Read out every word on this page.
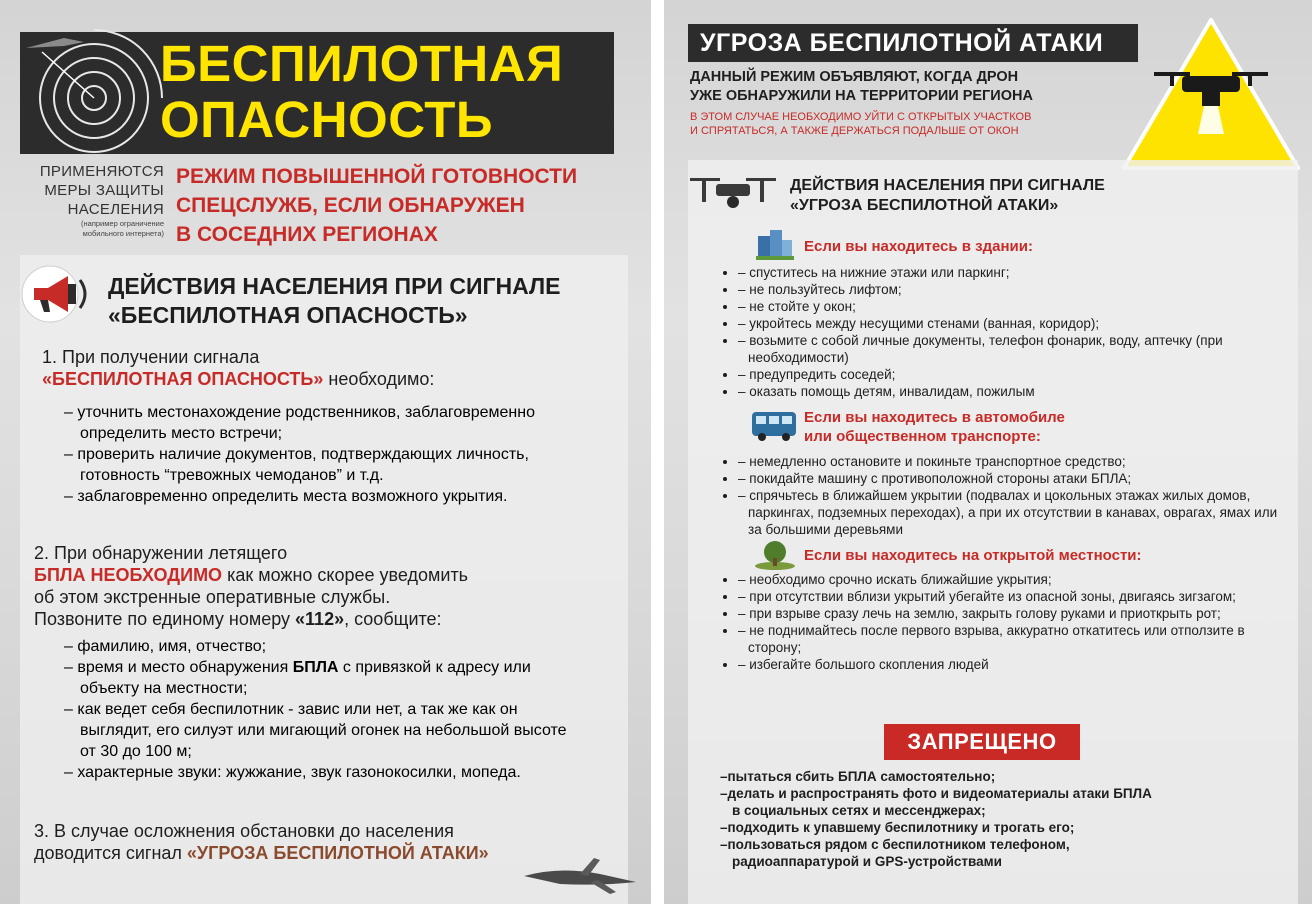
БЕСПИЛОТНАЯ
ОПАСНОСТЬ
ПРИМЕНЯЮТСЯ
МЕРЫ ЗАЩИТЫ
НАСЕЛЕНИЯ
(например ограничение
мобильного интернета)
РЕЖИМ ПОВЫШЕННОЙ ГОТОВНОСТИ
СПЕЦСЛУЖБ, ЕСЛИ ОБНАРУЖЕН
В СОСЕДНИХ РЕГИОНАХ
ДЕЙСТВИЯ НАСЕЛЕНИЯ ПРИ СИГНАЛЕ
«БЕСПИЛОТНАЯ ОПАСНОСТЬ»
1. При получении сигнала
«БЕСПИЛОТНАЯ ОПАСНОСТЬ» необходимо:
– уточнить местонахождение родственников, заблаговременно определить место встречи;
– проверить наличие документов, подтверждающих личность, готовность “тревожных чемоданов” и т.д.
– заблаговременно определить места возможного укрытия.
2. При обнаружении летящего
БПЛА НЕОБХОДИМО как можно скорее уведомить
об этом экстренные оперативные службы.
Позвоните по единому номеру «112», сообщите:
– фамилию, имя, отчество;
– время и место обнаружения БПЛА с привязкой к адресу или объекту на местности;
– как ведет себя беспилотник - завис или нет, а так же как он выглядит, его силуэт или мигающий огонек на небольшой высоте от 30 до 100 м;
– характерные звуки: жужжание, звук газонокосилки, мопеда.
3. В случае осложнения обстановки до населения
доводится сигнал «УГРОЗА БЕСПИЛОТНОЙ АТАКИ»
УГРОЗА БЕСПИЛОТНОЙ АТАКИ
ДАННЫЙ РЕЖИМ ОБЪЯВЛЯЮТ, КОГДА ДРОН
УЖЕ ОБНАРУЖИЛИ НА ТЕРРИТОРИИ РЕГИОНА
В ЭТОМ СЛУЧАЕ НЕОБХОДИМО УЙТИ С ОТКРЫТЫХ УЧАСТКОВ
И СПРЯТАТЬСЯ, А ТАКЖЕ ДЕРЖАТЬСЯ ПОДАЛЬШЕ ОТ ОКОН
ДЕЙСТВИЯ НАСЕЛЕНИЯ ПРИ СИГНАЛЕ
«УГРОЗА БЕСПИЛОТНОЙ АТАКИ»
Если вы находитесь в здании:
– • спуститесь на нижние этажи или паркинг;
– • не пользуйтесь лифтом;
– • не стойте у окон;
– • укройтесь между несущими стенами (ванная, коридор);
– • возьмите с собой личные документы, телефон фонарик, воду, аптечку (при необходимости)
– • предупредить соседей;
– • оказать помощь детям, инвалидам, пожилым
Если вы находитесь в автомобиле
или общественном транспорте:
– • немедленно остановите и покиньте транспортное средство;
– • покидайте машину с противоположной стороны атаки БПЛА;
– • спрячьтесь в ближайшем укрытии (подвалах и цокольных этажах жилых домов, паркингах, подземных переходах), а при их отсутствии в канавах, оврагах, ямах или за большими деревьями
Если вы находитесь на открытой местности:
– • необходимо срочно искать ближайшие укрытия;
– • при отсутствии вблизи укрытий убегайте из опасной зоны, двигаясь зигзагом;
– • при взрыве сразу лечь на землю, закрыть голову руками и приоткрыть рот;
– • не поднимайтесь после первого взрыва, аккуратно откатитесь или отползите в сторону;
– • избегайте большого скопления людей
ЗАПРЕЩЕНО
–пытаться сбить БПЛА самостоятельно;
–делать и распространять фото и видеоматериалы атаки БПЛА
в социальных сетях и мессенджерах;
–подходить к упавшему беспилотнику и трогать его;
–пользоваться рядом с беспилотником телефоном,
радиоаппаратурой и GPS-устройствами
